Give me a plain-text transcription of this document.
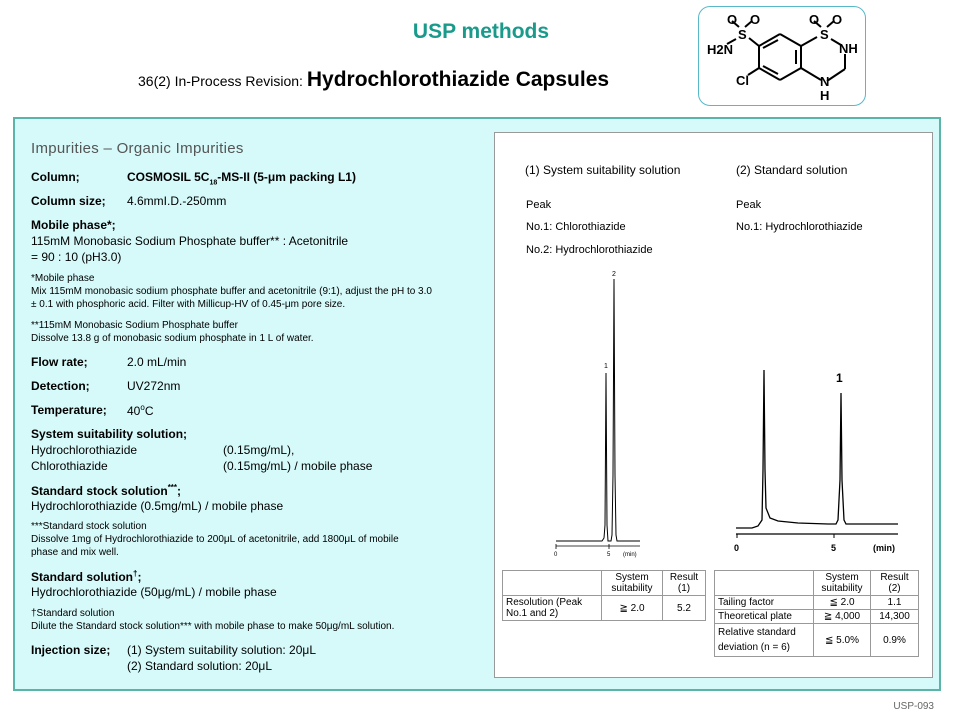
USP methods
36(2) In-Process Revision: Hydrochlorothiazide Capsules
O O
S
O O
S
NH
H2N
Cl	N
H
Impurities – Organic Impurities
Column;	COSMOSIL $5C_{18}-MS-II$ (5-μm packing L1)
Column size; 4.6mmI.D.-250mm
Mobile phase*;
115mM Monobasic Sodium Phosphate buffer** : Acetonitrile
= 90 : 10 (pH3.0)
*Mobile phase
Mix 115mM monobasic sodium phosphate buffer and acetonitrile (9:1), adjust the pH to 3.0
± 0.1 with phosphoric acid. Filter with Millicup-HV of 0.45-μm pore size.
**115mM Monobasic Sodium Phosphate buffer
Dissolve 13.8 g of monobasic sodium phosphate in 1 L of water.
Flow rate;	2.0 mL/min
Detection;	UV272nm
Temperature; 40$^o$C
System suitability solution;
Hydrochlorothiazide	(0.15mg/mL),
Chlorothiazide	(0.15mg/mL) / mobile phase
Standard stock solution***;
Hydrochlorothiazide (0.5mg/mL) / mobile phase
***Standard stock solution
Dissolve 1mg of Hydrochlorothiazide to 200μL of acetonitrile, add 1800μL of mobile
phase and mix well.
Standard solution†;
Hydrochlorothiazide (50μg/mL) / mobile phase
†Standard solution
Dilute the Standard stock solution*** with mobile phase to make 50μg/mL solution.
Injection size; (1) System suitability solution: 20μL
(2) Standard solution: 20μL
(1) System suitability solution
Peak
No.1: Chlorothiazide
No.2: Hydrochlorothiazide
(2) Standard solution
Peak
No.1: Hydrochlorothiazide
1
2
0	5 (min)
1
0	5	(min)
	System suitability	Result (1)
Resolution (Peak No.1 and 2)	≧ 2.0	5.2
	System suitability	Result (2)
Tailing factor	≦ 2.0	1.1
Theoretical plate	≧ 4,000	14,300
Relative standard deviation (n = 6)	≦ 5.0%	0.9%
USP-093
